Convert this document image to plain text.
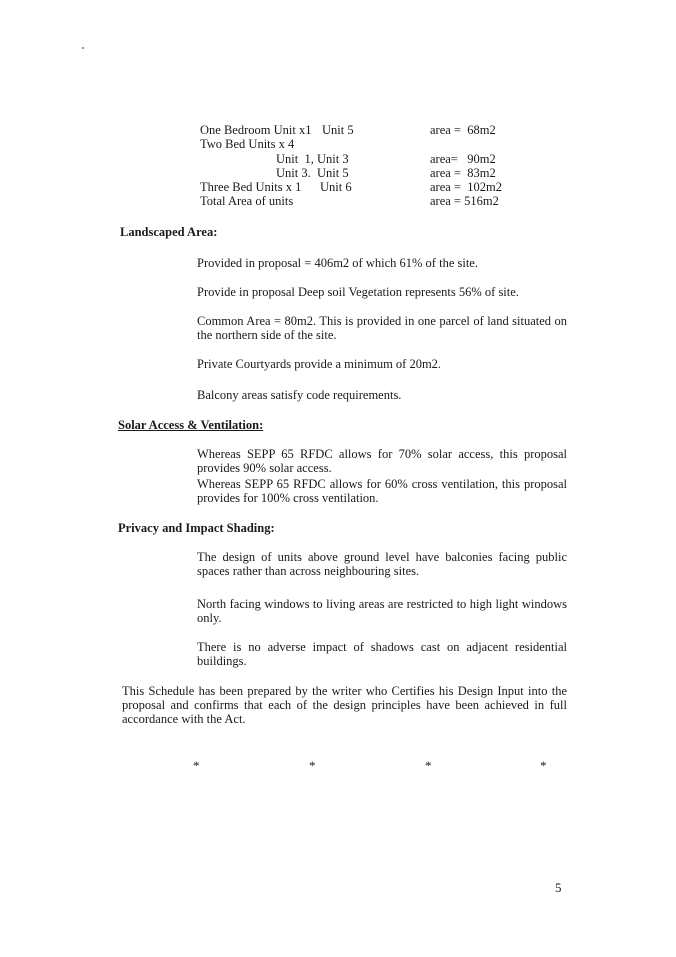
One Bedroom Unit x1 Unit 5	area =  68m2
Two Bed Units x 4
Unit  1, Unit 3	area=   90m2
Unit 3.  Unit 5	area =  83m2
Three Bed Units x 1 Unit 6	area =  102m2
Total Area of units	area = 516m2
Landscaped Area:
Provided in proposal = 406m2 of which 61% of the site.
Provide in proposal Deep soil Vegetation represents 56% of site.
Common Area = 80m2. This is provided in one parcel of land situated on the northern side of the site.
Private Courtyards provide a minimum of 20m2.
Balcony areas satisfy code requirements.
Solar Access & Ventilation:
Whereas SEPP 65 RFDC allows for 70% solar access, this proposal provides 90% solar access.
Whereas SEPP 65 RFDC allows for 60% cross ventilation, this proposal provides for 100% cross ventilation.
Privacy and Impact Shading:
The design of units above ground level have balconies facing public spaces rather than across neighbouring sites.
North facing windows to living areas are restricted to high light windows only.
There is no adverse impact of shadows cast on adjacent residential buildings.
This Schedule has been prepared by the writer who Certifies his Design Input into the proposal and confirms that each of the design principles have been achieved in full accordance with the Act.
*	*	*	*
5
